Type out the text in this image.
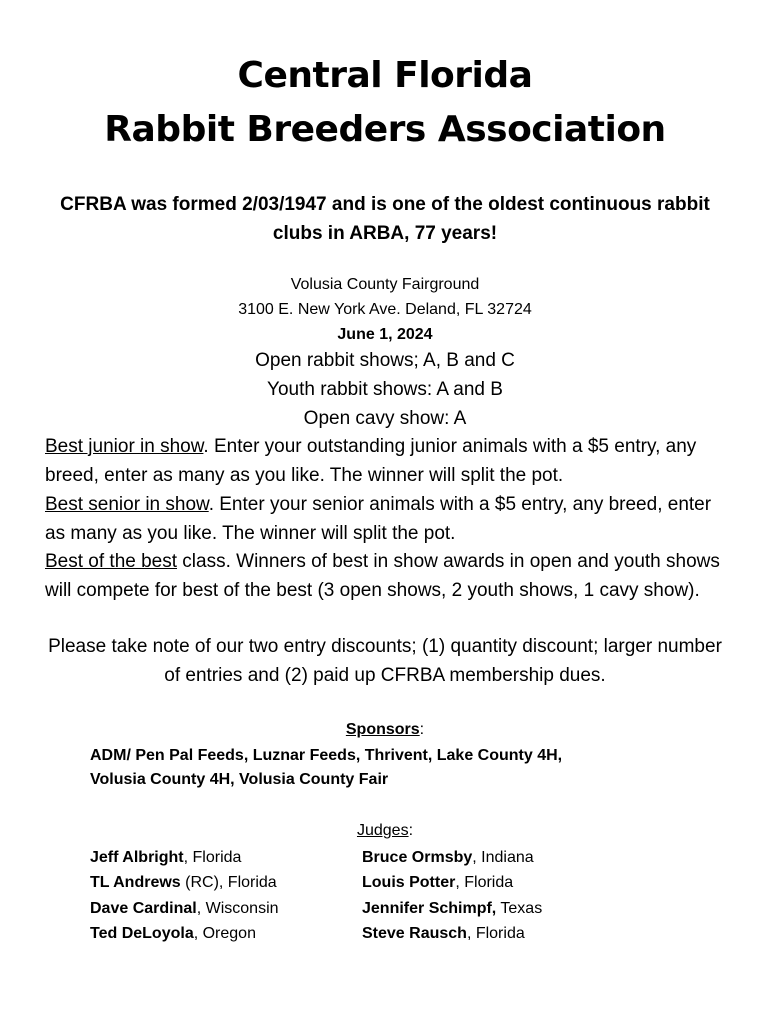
Central Florida
Rabbit Breeders Association
CFRBA was formed 2/03/1947 and is one of the oldest continuous rabbit clubs in ARBA, 77 years!
Volusia County Fairground
3100 E. New York Ave. Deland, FL 32724
June 1, 2024
Open rabbit shows; A, B and C
Youth rabbit shows: A and B
Open cavy show: A
Best junior in show. Enter your outstanding junior animals with a $5 entry, any breed, enter as many as you like. The winner will split the pot.
Best senior in show. Enter your senior animals with a $5 entry, any breed, enter as many as you like. The winner will split the pot.
Best of the best class. Winners of best in show awards in open and youth shows will compete for best of the best (3 open shows, 2 youth shows, 1 cavy show).
Please take note of our two entry discounts; (1) quantity discount; larger number of entries and (2) paid up CFRBA membership dues.
Sponsors:
ADM/ Pen Pal Feeds, Luznar Feeds, Thrivent, Lake County 4H,
Volusia County 4H, Volusia County Fair
Judges:
Jeff Albright, Florida
TL Andrews (RC), Florida
Dave Cardinal, Wisconsin
Ted DeLoyola, Oregon
Bruce Ormsby, Indiana
Louis Potter, Florida
Jennifer Schimpf, Texas
Steve Rausch, Florida
